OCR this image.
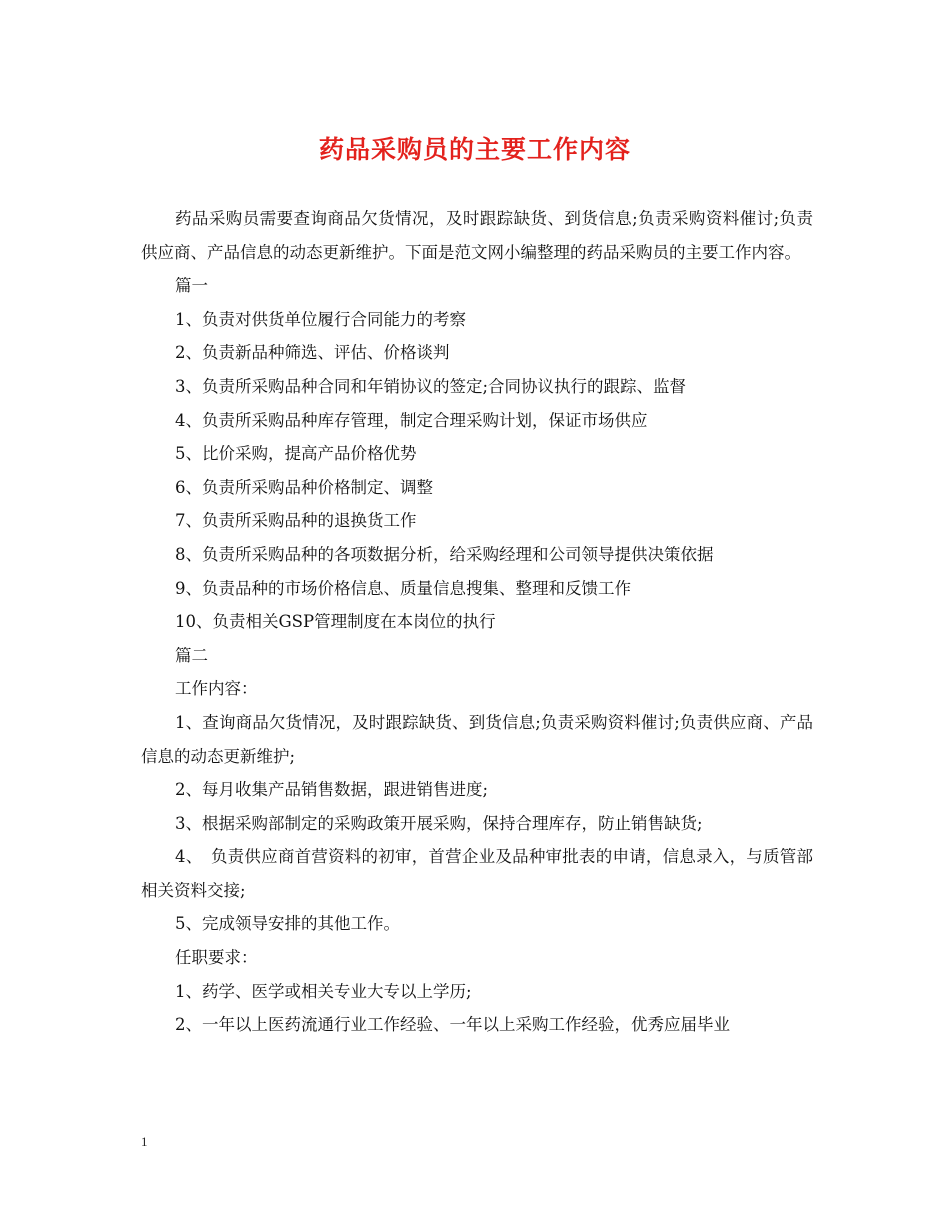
药品采购员的主要工作内容

药品采购员需要查询商品欠货情况，及时跟踪缺货、到货信息;负责采购资料催讨;负责供应商、产品信息的动态更新维护。下面是范文网小编整理的药品采购员的主要工作内容。

篇一

1、负责对供货单位履行合同能力的考察

2、负责新品种筛选、评估、价格谈判

3、负责所采购品种合同和年销协议的签定;合同协议执行的跟踪、监督

4、负责所采购品种库存管理，制定合理采购计划，保证市场供应

5、比价采购，提高产品价格优势

6、负责所采购品种价格制定、调整

7、负责所采购品种的退换货工作

8、负责所采购品种的各项数据分析，给采购经理和公司领导提供决策依据

9、负责品种的市场价格信息、质量信息搜集、整理和反馈工作

10、负责相关GSP管理制度在本岗位的执行

篇二

工作内容：

1、查询商品欠货情况，及时跟踪缺货、到货信息;负责采购资料催讨;负责供应商、产品信息的动态更新维护;

2、每月收集产品销售数据，跟进销售进度;

3、根据采购部制定的采购政策开展采购，保持合理库存，防止销售缺货;

4、　负责供应商首营资料的初审，首营企业及品种审批表的申请，信息录入，与质管部相关资料交接;

5、完成领导安排的其他工作。

任职要求：

1、药学、医学或相关专业大专以上学历;

2、一年以上医药流通行业工作经验、一年以上采购工作经验，优秀应届毕业

1
